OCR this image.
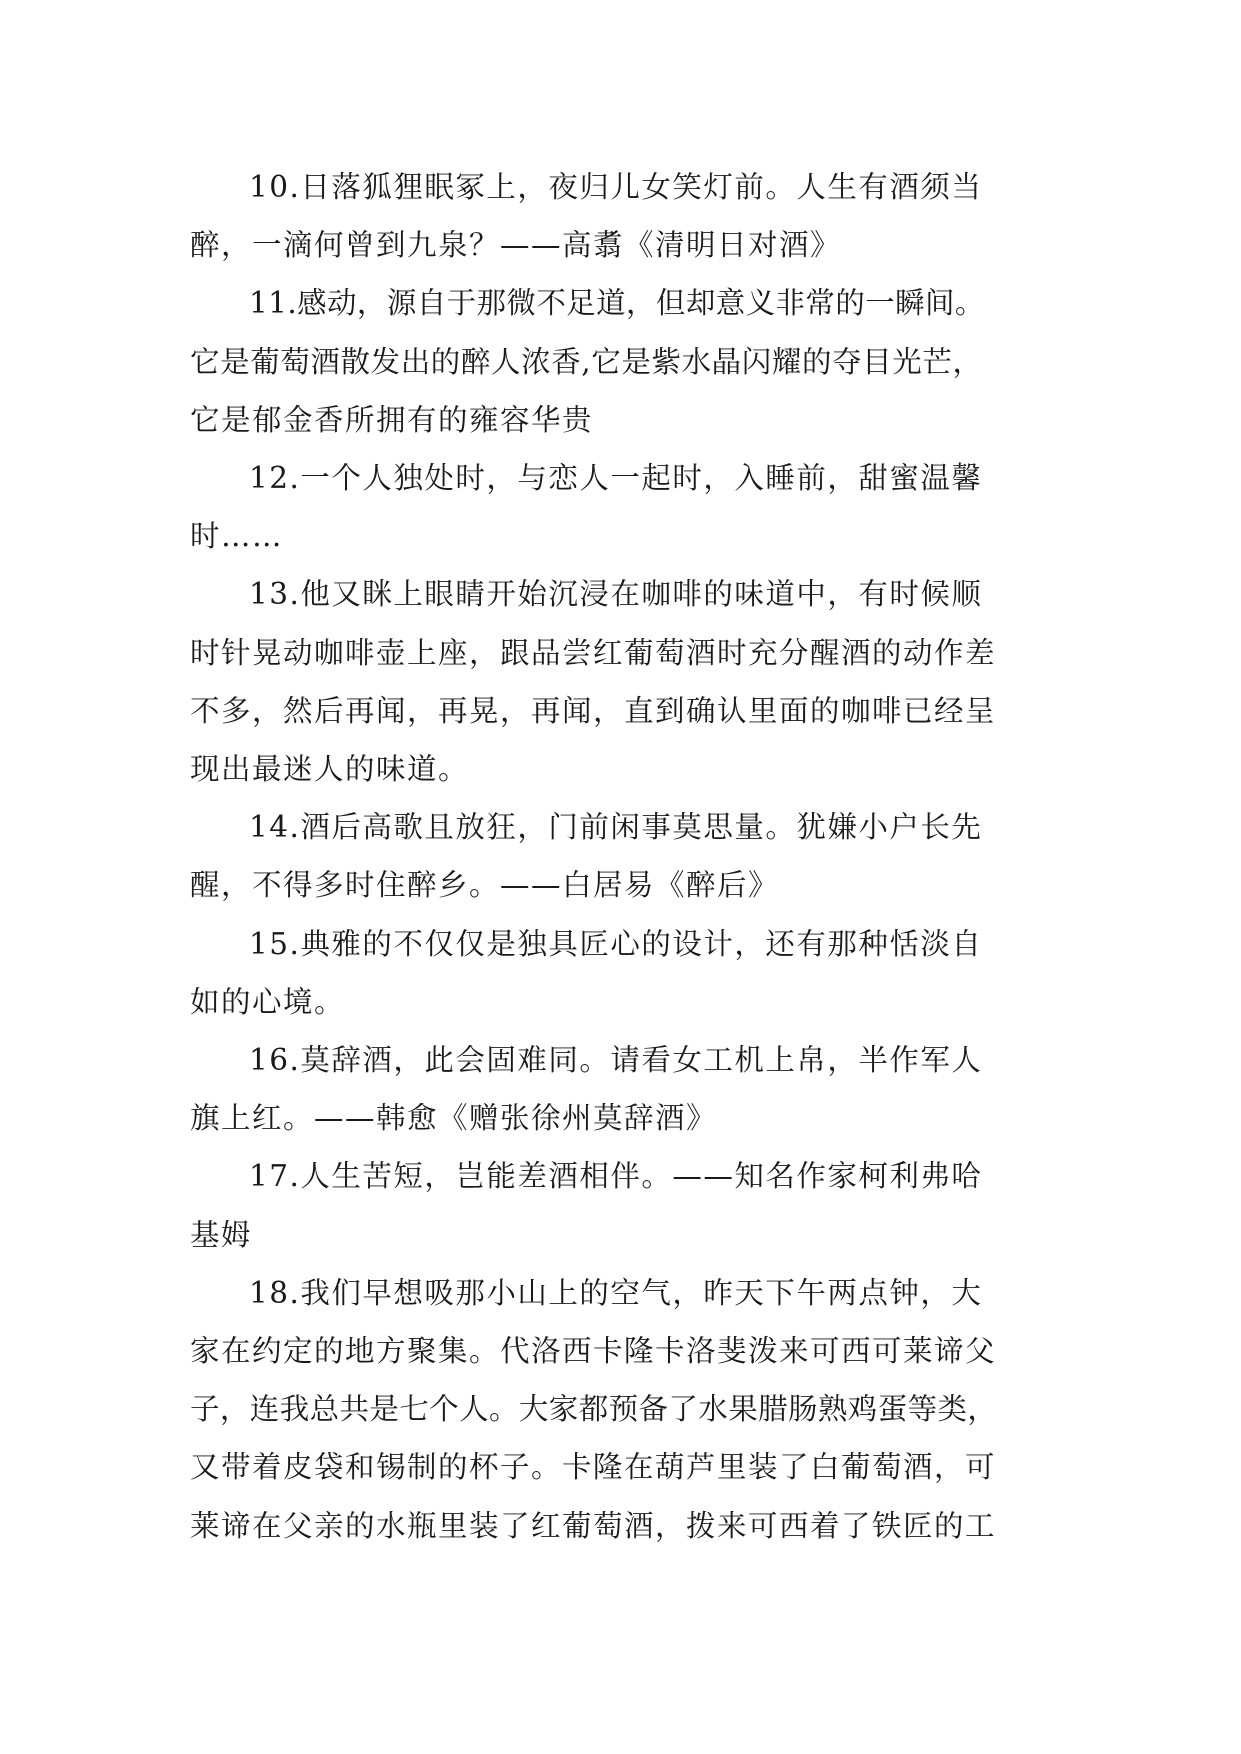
10.日落狐狸眠冢上，夜归儿女笑灯前。人生有酒须当
醉，一滴何曾到九泉？——高翥《清明日对酒》

11.感动，源自于那微不足道，但却意义非常的一瞬间。
它是葡萄酒散发出的醉人浓香,它是紫水晶闪耀的夺目光芒，
它是郁金香所拥有的雍容华贵

12.一个人独处时，与恋人一起时，入睡前，甜蜜温馨
时……

13.他又眯上眼睛开始沉浸在咖啡的味道中，有时候顺
时针晃动咖啡壶上座，跟品尝红葡萄酒时充分醒酒的动作差
不多，然后再闻，再晃，再闻，直到确认里面的咖啡已经呈
现出最迷人的味道。

14.酒后高歌且放狂，门前闲事莫思量。犹嫌小户长先
醒，不得多时住醉乡。——白居易《醉后》

15.典雅的不仅仅是独具匠心的设计，还有那种恬淡自
如的心境。

16.莫辞酒，此会固难同。请看女工机上帛，半作军人
旗上红。——韩愈《赠张徐州莫辞酒》

17.人生苦短，岂能差酒相伴。——知名作家柯利弗哈
基姆

18.我们早想吸那小山上的空气，昨天下午两点钟，大
家在约定的地方聚集。代洛西卡隆卡洛斐泼来可西可莱谛父
子，连我总共是七个人。大家都预备了水果腊肠熟鸡蛋等类，
又带着皮袋和锡制的杯子。卡隆在葫芦里装了白葡萄酒，可
莱谛在父亲的水瓶里装了红葡萄酒，拨来可西着了铁匠的工
